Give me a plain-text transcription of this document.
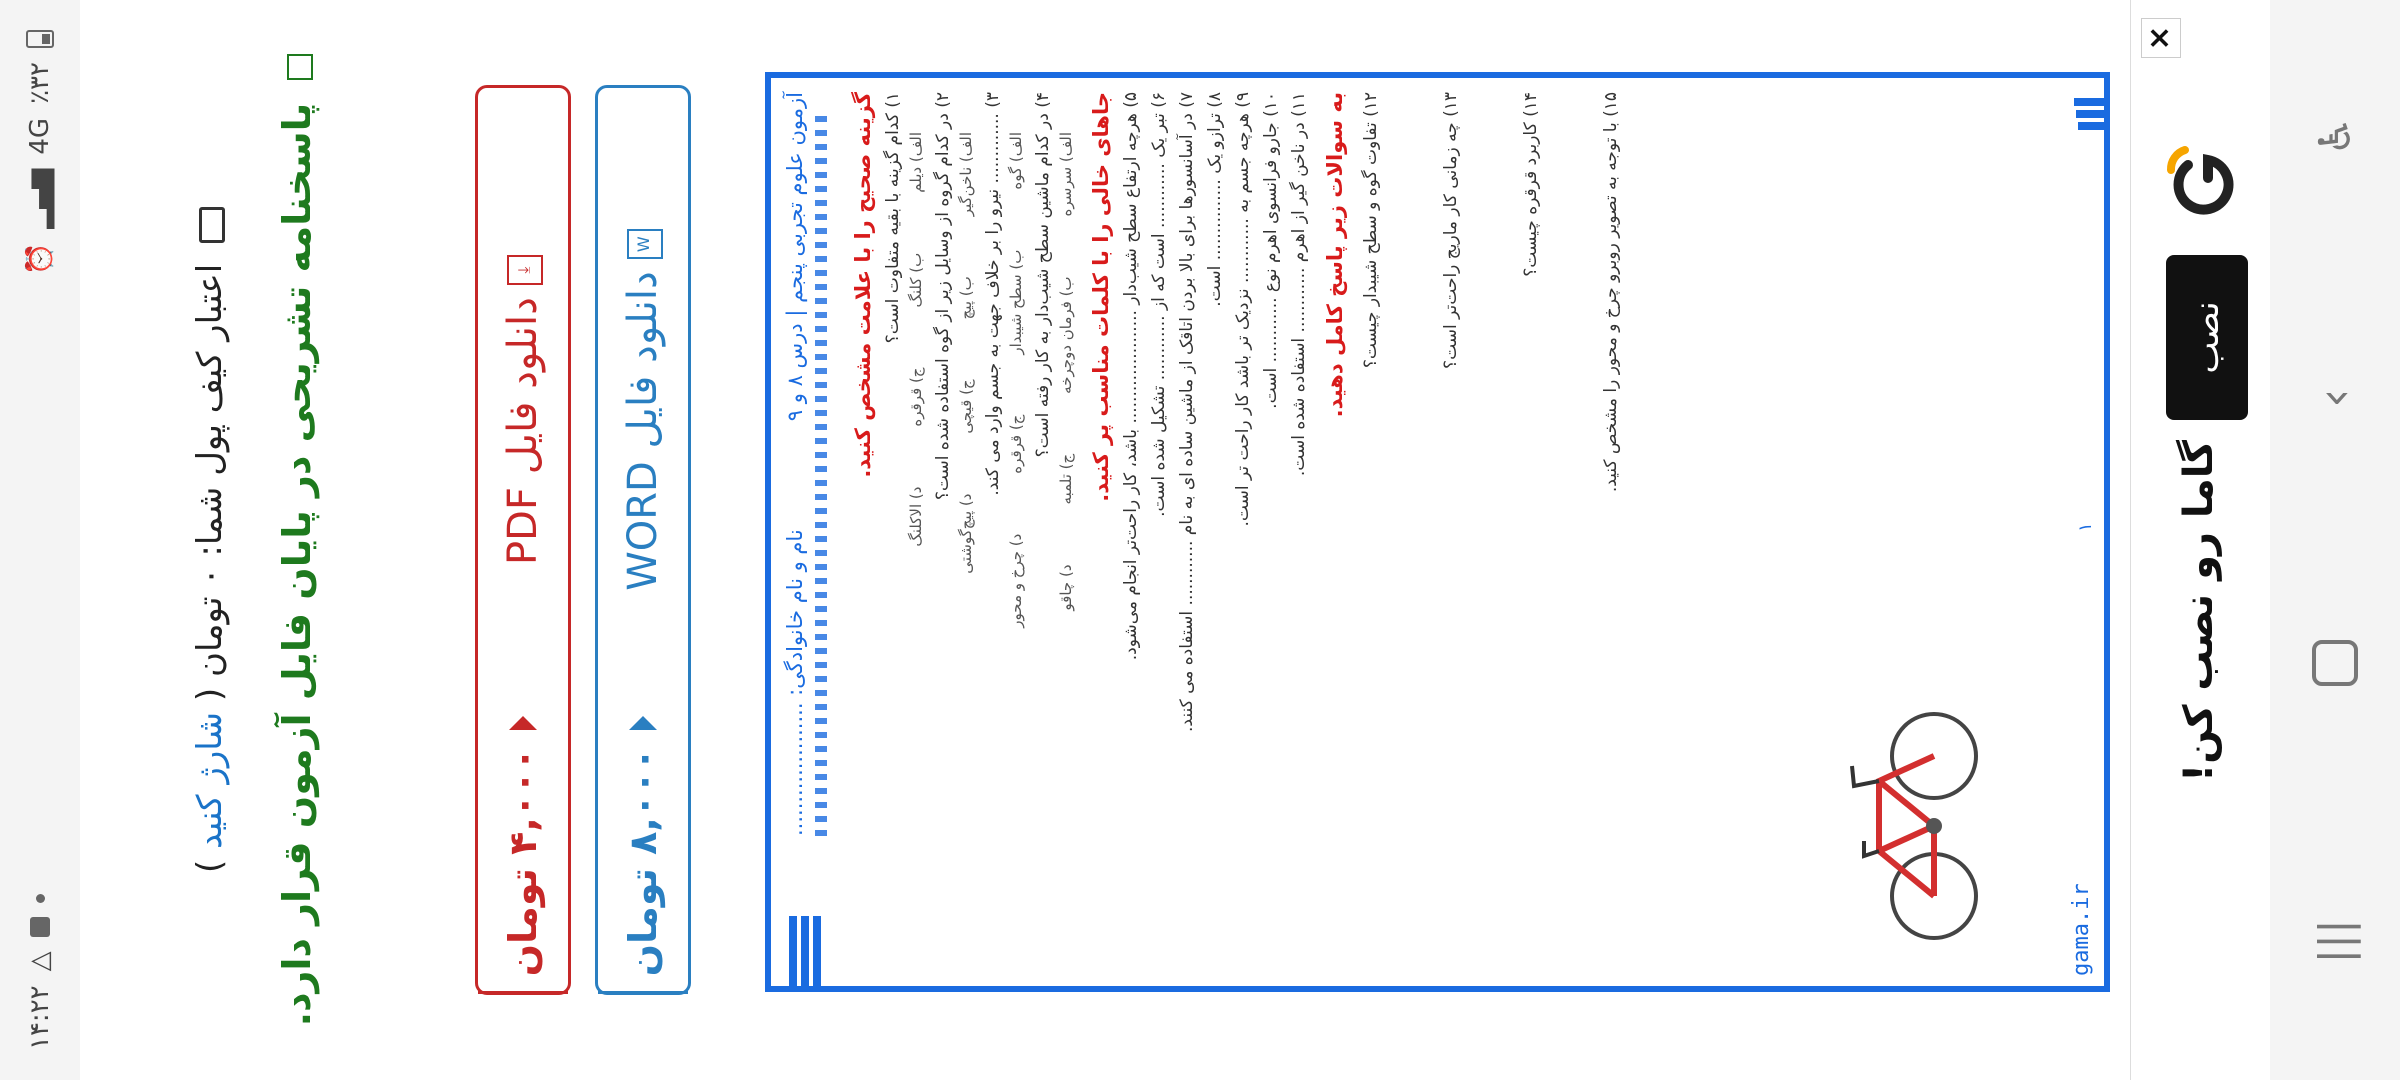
۱۴:۲۲
△
⏰
▂▄▆
4G
٪۳۲
اعتبار کیف پول شما: ۰ تومان ( شارژ کنید ) پاسخنامه تشریحی در پایان فایل آزمون قرار دارد.	⤓دانلود فایل PDF
۴,۰۰۰ تومان
Wدانلود فایل WORD
۸,۰۰۰ تومان
آزمون علوم تجربی پنجم | درس ۸ و ۹
نام و نام خانوادگی: ....................
گزینه صحیح را با علامت مشخص کنید. ۱) کدام گزینه با بقیه متفاوت است؟
الف) دیلم
ب) کلنگ
ج) قرقره
د) الاکلنگ
۲) در کدام گروه از وسایل زیر از گوه استفاده شده است؟
الف) ناخن‌گیر
ب) پیچ
ج) قیچی
د) پیچ‌گوشتی
۳) ............. نیرو را بر خلاف جهت به جسم وارد می کند.
الف) گوه
ب) سطح شیبدار
ج) قرقره
د) چرخ و محور
۴) در کدام ماشین سطح شیب‌دار به کار رفته است؟
الف) سرسره
ب) فرمان دوچرخه
ج) تلمبه
د) چاقو
جاهای خالی را با کلمات مناسب پر کنید. ۵) هرچه ارتفاع سطح شیب‌دار ..................... باشد، کار راحت‌تر انجام می‌شود.
۶) تبر یک ............ است که از ............ تشکیل شده است.
۷) در آسانسورها برای بالا بردن اتاقک از ماشین ساده ای به نام ............ استفاده می کنند.
۸) ترازو یک ............... است.
۹) هرچه جسم به ............ نزدیک تر باشد کار راحت تر است.
۱۰) جارو فرانسوی اهرم نوع ............ است.
۱۱) در ناخن گیر از اهرم ............ استفاده شده است. به سوالات زیر پاسخ کامل دهید. ۱۲) تفاوت گوه و سطح شیبدار چیست؟
۱۳) چه زمانی کار ماریج راحت‌تر است؟
۱۴) کاربرد قرقره چیست؟
۱۵) با توجه به تصویر روبرو چرخ و محور را مشخص کنید.
۱
gama.ir
×
گاما رو نصب کن!
نصب
|||
‹
♿
